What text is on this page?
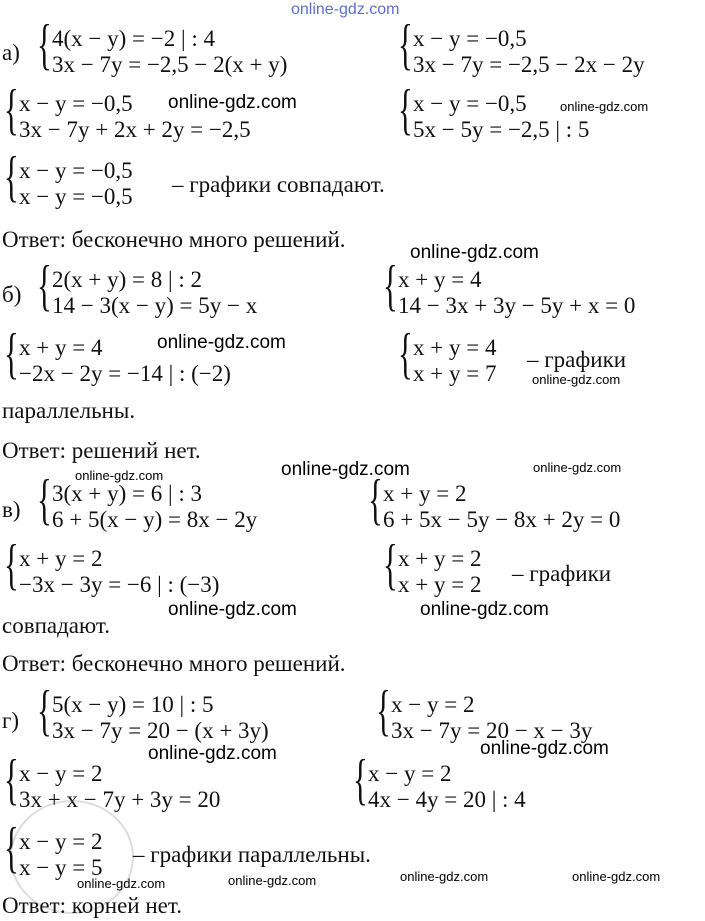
online-gdz.com
а) { 4(x − y) = −2 | : 4
3x − 7y = −2,5 − 2(x + y) { x − y = −0,5
3x − 7y = −2,5 − 2x − 2y
{ x − y = −0,5
3x − 7y + 2x + 2y = −2,5
online-gdz.com { x − y = −0,5
5x − 5y = −2,5 | : 5
online-gdz.com
{ x − y = −0,5
x − y = −0,5 – графики совпадают.
Ответ: бесконечно много решений.
online-gdz.com
б) { 2(x + y) = 8 | : 2
14 − 3(x − y) = 5y − x { x + y = 4
14 − 3x + 3y − 5y + x = 0
online-gdz.com
{ x + y = 4
−2x − 2y = −14 | : (−2)	{ x + y = 4
x + y = 7
– графики
online-gdz.com
параллельны.
Ответ: решений нет.
online-gdz.com	online-gdz.com	online-gdz.com
в) { 3(x + y) = 6 | : 3
6 + 5(x − y) = 8x − 2y { x + y = 2
6 + 5x − 5y − 8x + 2y = 0
{ x + y = 2
−3x − 3y = −6 | : (−3)	{ x + y = 2
x + y = 2 – графики
online-gdz.com	online-gdz.com
совпадают.
Ответ: бесконечно много решений.
г) { 5(x − y) = 10 | : 5
3x − 7y = 20 − (x + 3y) { x − y = 2
3x − 7y = 20 − x − 3y
online-gdz.com	online-gdz.com
{ x − y = 2
3x + x − 7y + 3y = 20 { x − y = 2
4x − 4y = 20 | : 4
{ x − y = 2
x − y = 5
– графики параллельны.
online-gdz.com	online-gdz.com	online-gdz.com	online-gdz.com
Ответ: корней нет.
